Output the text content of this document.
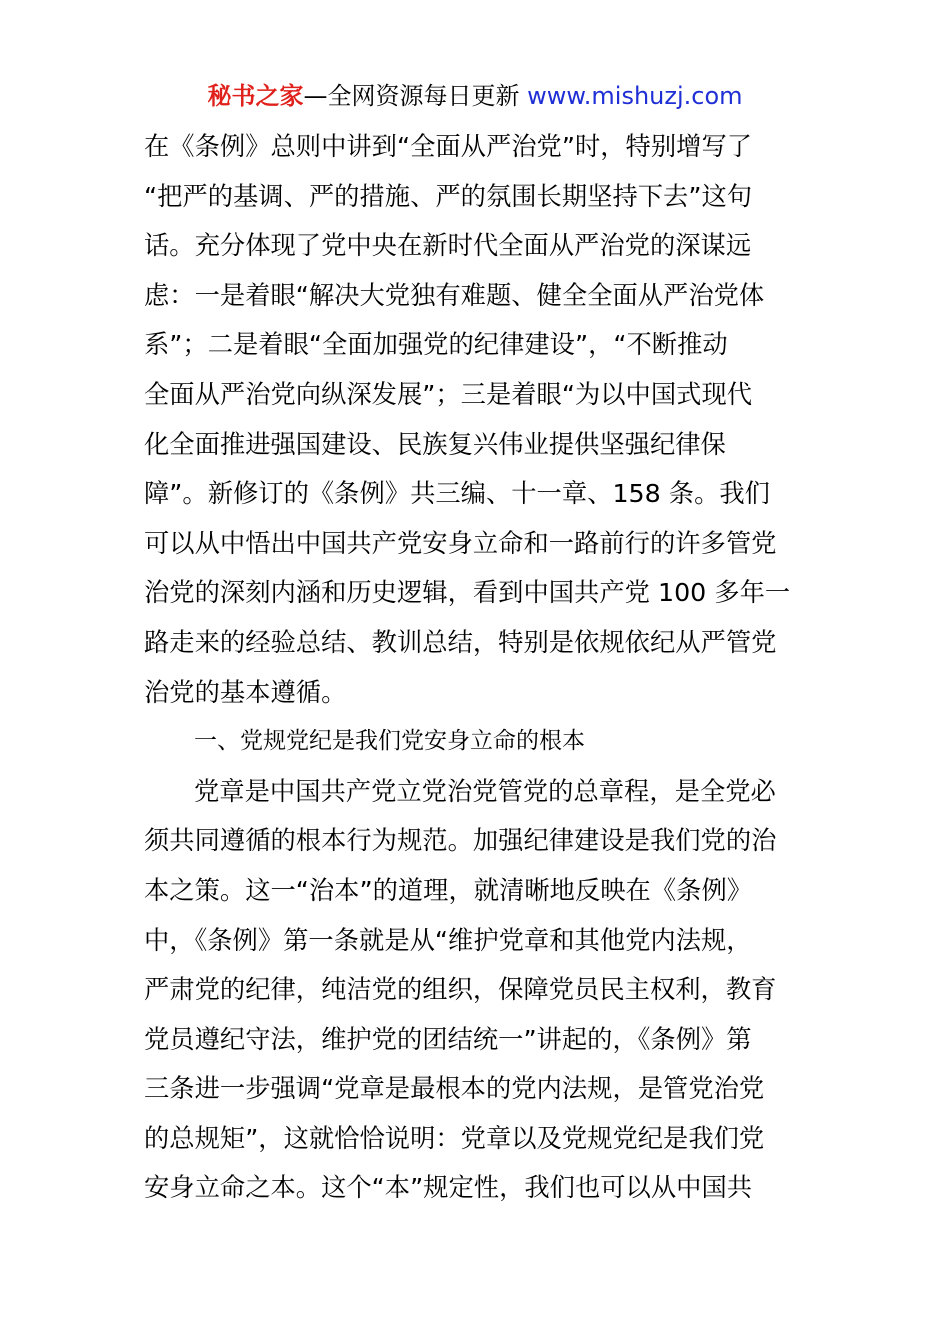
秘书之家—全网资源每日更新 www.mishuzj.com
在《条例》总则中讲到“全面从严治党”时，特别增写了
“把严的基调、严的措施、严的氛围长期坚持下去”这句
话。充分体现了党中央在新时代全面从严治党的深谋远
虑：一是着眼“解决大党独有难题、健全全面从严治党体
系”；二是着眼“全面加强党的纪律建设”，“不断推动
全面从严治党向纵深发展”；三是着眼“为以中国式现代
化全面推进强国建设、民族复兴伟业提供坚强纪律保
障”。新修订的《条例》共三编、十一章、158 条。我们
可以从中悟出中国共产党安身立命和一路前行的许多管党
治党的深刻内涵和历史逻辑，看到中国共产党 100 多年一
路走来的经验总结、教训总结，特别是依规依纪从严管党
治党的基本遵循。
一、党规党纪是我们党安身立命的根本
党章是中国共产党立党治党管党的总章程，是全党必
须共同遵循的根本行为规范。加强纪律建设是我们党的治
本之策。这一“治本”的道理，就清晰地反映在《条例》
中，《条例》第一条就是从“维护党章和其他党内法规，
严肃党的纪律，纯洁党的组织，保障党员民主权利，教育
党员遵纪守法，维护党的团结统一”讲起的，《条例》第
三条进一步强调“党章是最根本的党内法规，是管党治党
的总规矩”，这就恰恰说明：党章以及党规党纪是我们党
安身立命之本。这个“本”规定性，我们也可以从中国共
